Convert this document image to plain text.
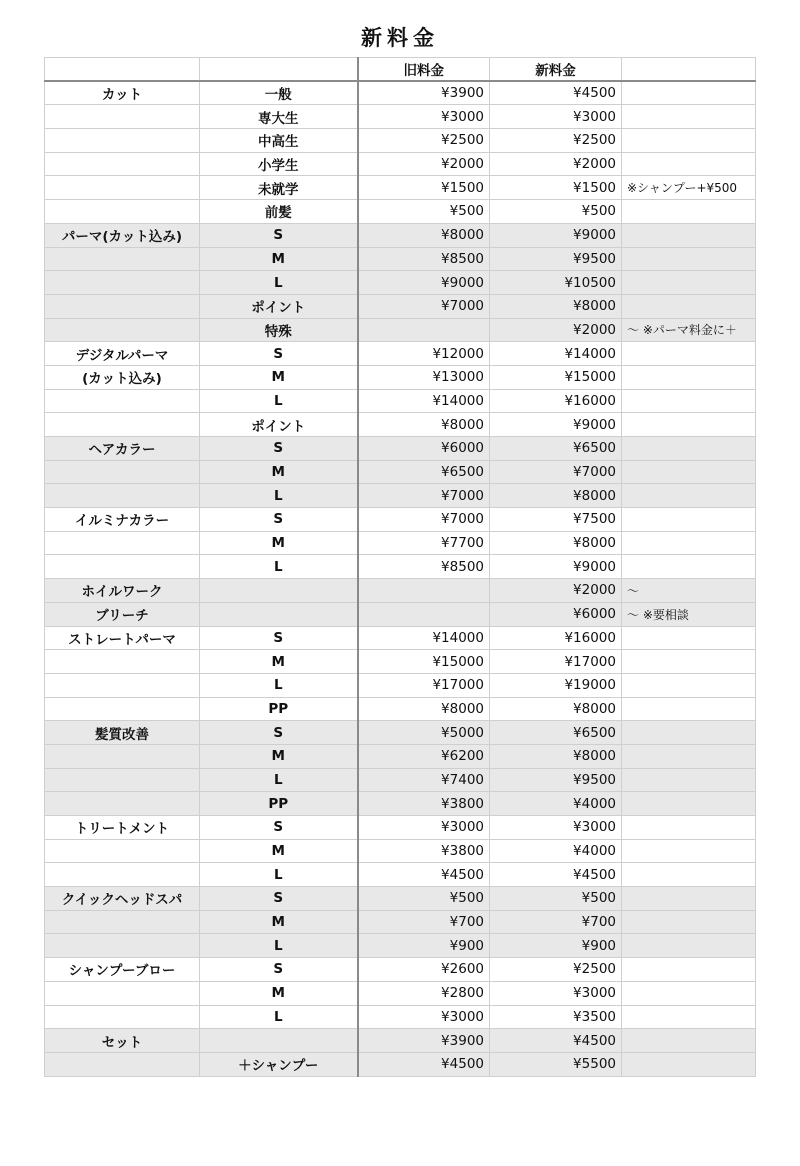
新料金
		旧料金	新料金	
カット	一般	¥3900	¥4500	
	専大生	¥3000	¥3000	
	中高生	¥2500	¥2500	
	小学生	¥2000	¥2000	
	未就学	¥1500	¥1500	※シャンプー+¥500
	前髪	¥500	¥500	
パーマ(カット込み)	S	¥8000	¥9000	
	M	¥8500	¥9500	
	L	¥9000	¥10500	
	ポイント	¥7000	¥8000	
	特殊		¥2000	〜 ※パーマ料金に＋
デジタルパーマ	S	¥12000	¥14000	
(カット込み)	M	¥13000	¥15000	
	L	¥14000	¥16000	
	ポイント	¥8000	¥9000	
ヘアカラー	S	¥6000	¥6500	
	M	¥6500	¥7000	
	L	¥7000	¥8000	
イルミナカラー	S	¥7000	¥7500	
	M	¥7700	¥8000	
	L	¥8500	¥9000	
ホイルワーク			¥2000	〜
ブリーチ			¥6000	〜 ※要相談
ストレートパーマ	S	¥14000	¥16000	
	M	¥15000	¥17000	
	L	¥17000	¥19000	
	PP	¥8000	¥8000	
髪質改善	S	¥5000	¥6500	
	M	¥6200	¥8000	
	L	¥7400	¥9500	
	PP	¥3800	¥4000	
トリートメント	S	¥3000	¥3000	
	M	¥3800	¥4000	
	L	¥4500	¥4500	
クイックヘッドスパ	S	¥500	¥500	
	M	¥700	¥700	
	L	¥900	¥900	
シャンプーブロー	S	¥2600	¥2500	
	M	¥2800	¥3000	
	L	¥3000	¥3500	
セット		¥3900	¥4500	
	＋シャンプー	¥4500	¥5500	
